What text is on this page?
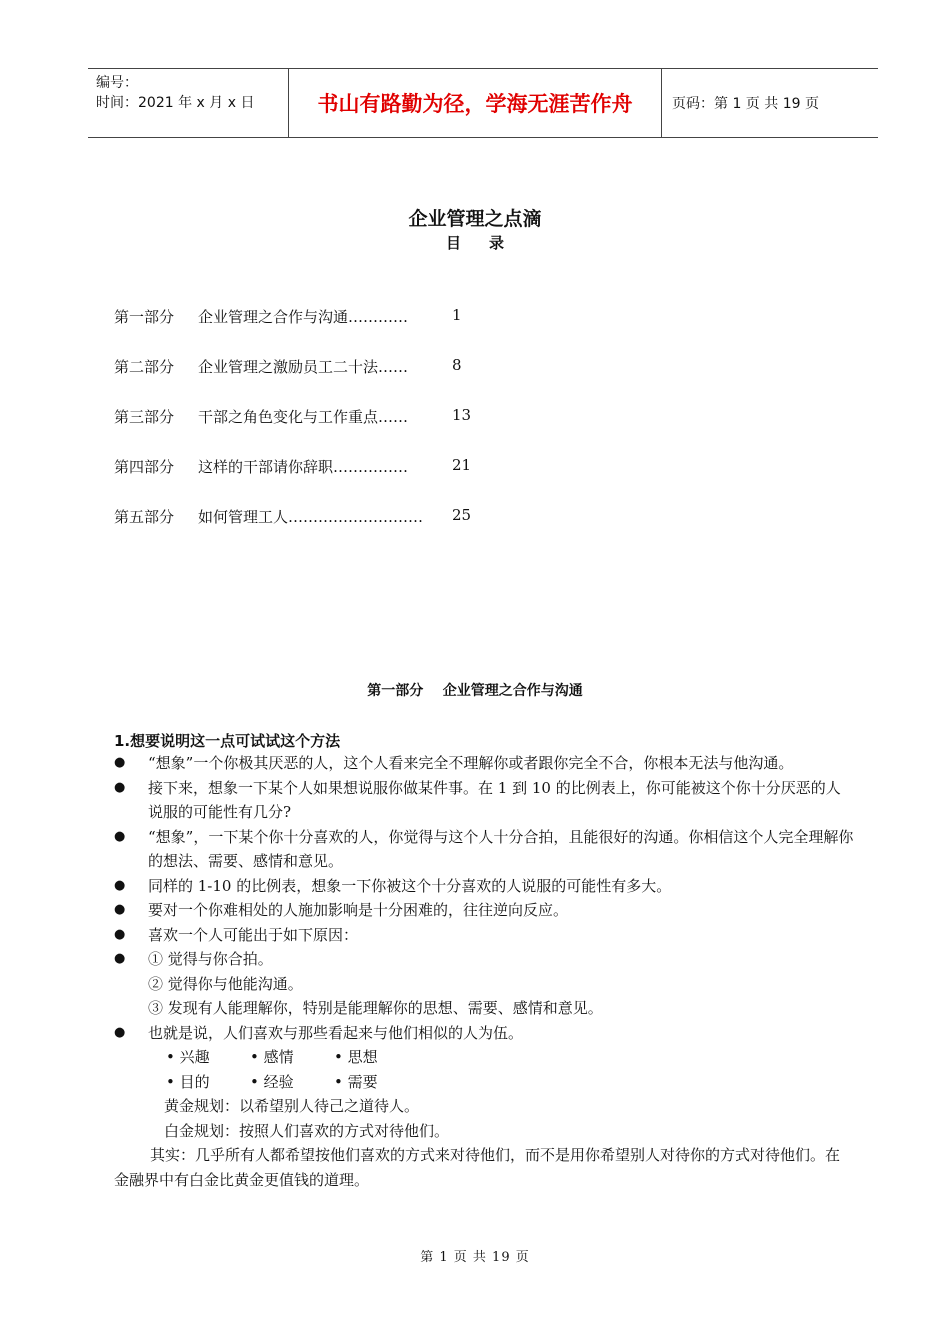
编号：
时间：2021 年 x 月 x 日	书山有路勤为径，学海无涯苦作舟	页码：第 1 页 共 19 页
企业管理之点滴
目录
第一部分	企业管理之合作与沟通…………	1
第二部分	企业管理之激励员工二十法……	8
第三部分	干部之角色变化与工作重点……	13
第四部分	这样的干部请你辞职……………	21
第五部分	如何管理工人………………………	25
第一部分    企业管理之合作与沟通
1.想要说明这一点可试试这个方法
●	“想象”一个你极其厌恶的人，这个人看来完全不理解你或者跟你完全不合，你根本无法与他沟通。
●	接下来，想象一下某个人如果想说服你做某件事。在 1 到 10 的比例表上，你可能被这个你十分厌恶的人说服的可能性有几分?
●	“想象”，一下某个你十分喜欢的人，你觉得与这个人十分合拍，且能很好的沟通。你相信这个人完全理解你的想法、需要、感情和意见。
●	同样的 1-10 的比例表，想象一下你被这个十分喜欢的人说服的可能性有多大。
●	要对一个你难相处的人施加影响是十分困难的，往往逆向反应。
●	喜欢一个人可能出于如下原因：
●	① 觉得与你合拍。
② 觉得你与他能沟通。
③ 发现有人能理解你，特别是能理解你的思想、需要、感情和意见。
●	也就是说，人们喜欢与那些看起来与他们相似的人为伍。
• 兴趣	• 感情	• 思想
• 目的	• 经验	• 需要
黄金规划：以希望别人待己之道待人。
白金规划：按照人们喜欢的方式对待他们。
其实：几乎所有人都希望按他们喜欢的方式来对待他们，而不是用你希望别人对待你的方式对待他们。在金融界中有白金比黄金更值钱的道理。
第 1 页 共 19 页
